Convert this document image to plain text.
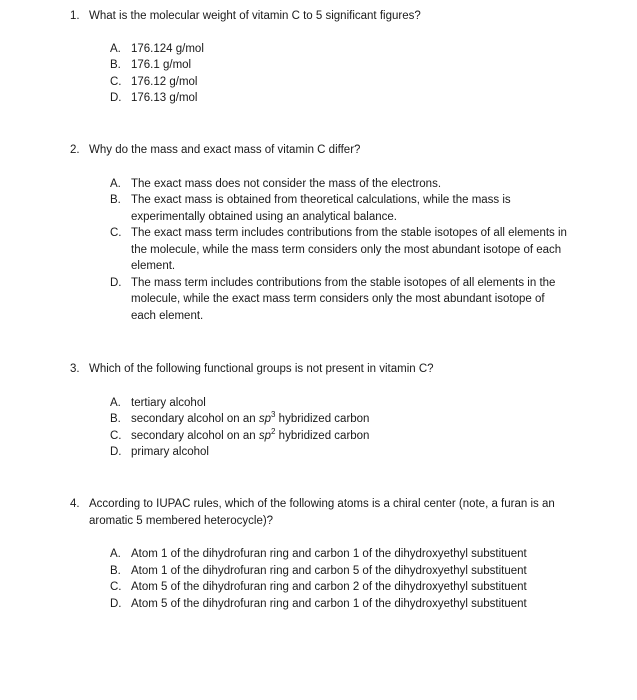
1. What is the molecular weight of vitamin C to 5 significant figures?
A. 176.124 g/mol
B. 176.1 g/mol
C. 176.12 g/mol
D. 176.13 g/mol
2. Why do the mass and exact mass of vitamin C differ?
A. The exact mass does not consider the mass of the electrons.
B. The exact mass is obtained from theoretical calculations, while the mass is experimentally obtained using an analytical balance.
C. The exact mass term includes contributions from the stable isotopes of all elements in the molecule, while the mass term considers only the most abundant isotope of each element.
D. The mass term includes contributions from the stable isotopes of all elements in the molecule, while the exact mass term considers only the most abundant isotope of each element.
3. Which of the following functional groups is not present in vitamin C?
A. tertiary alcohol
B. secondary alcohol on an $sp^3$ hybridized carbon
C. secondary alcohol on an $sp^2$ hybridized carbon
D. primary alcohol
4. According to IUPAC rules, which of the following atoms is a chiral center (note, a furan is an aromatic 5 membered heterocycle)?
A. Atom 1 of the dihydrofuran ring and carbon 1 of the dihydroxyethyl substituent
B. Atom 1 of the dihydrofuran ring and carbon 5 of the dihydroxyethyl substituent
C. Atom 5 of the dihydrofuran ring and carbon 2 of the dihydroxyethyl substituent
D. Atom 5 of the dihydrofuran ring and carbon 1 of the dihydroxyethyl substituent
